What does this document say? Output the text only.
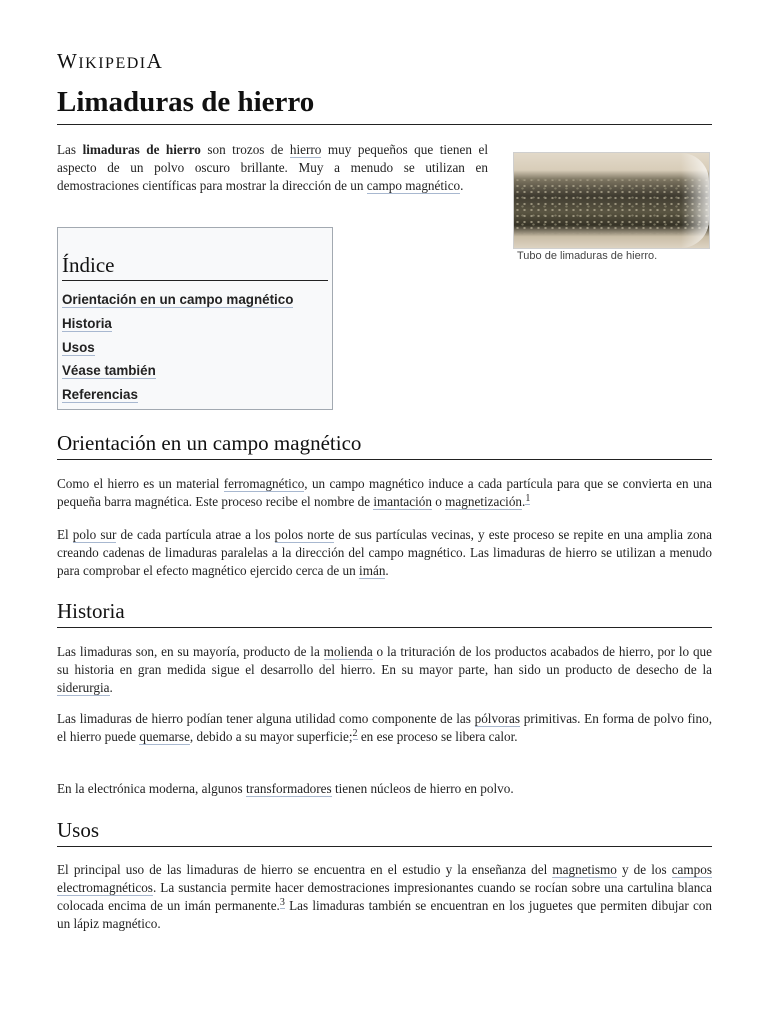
WIKIPEDIA
Limaduras de hierro

Las limaduras de hierro son trozos de hierro muy pequeños que tienen el aspecto de un polvo oscuro brillante. Muy a menudo se utilizan en demostraciones científicas para mostrar la dirección de un campo magnético.

Tubo de limaduras de hierro.
Índice
Orientación en un campo magnético
Historia
Usos
Véase también
Referencias
Orientación en un campo magnético

Como el hierro es un material ferromagnético, un campo magnético induce a cada partícula para que se convierta en una pequeña barra magnética. Este proceso recibe el nombre de imantación o magnetización.$^1$

El polo sur de cada partícula atrae a los polos norte de sus partículas vecinas, y este proceso se repite en una amplia zona creando cadenas de limaduras paralelas a la dirección del campo magnético. Las limaduras de hierro se utilizan a menudo para comprobar el efecto magnético ejercido cerca de un imán.

Historia

Las limaduras son, en su mayoría, producto de la molienda o la trituración de los productos acabados de hierro, por lo que su historia en gran medida sigue el desarrollo del hierro. En su mayor parte, han sido un producto de desecho de la siderurgia.

Las limaduras de hierro podían tener alguna utilidad como componente de las pólvoras primitivas. En forma de polvo fino, el hierro puede quemarse, debido a su mayor superficie;$^2$ en ese proceso se libera calor.

En la electrónica moderna, algunos transformadores tienen núcleos de hierro en polvo.

Usos

El principal uso de las limaduras de hierro se encuentra en el estudio y la enseñanza del magnetismo y de los campos electromagnéticos. La sustancia permite hacer demostraciones impresionantes cuando se rocían sobre una cartulina blanca colocada encima de un imán permanente.$^3$ Las limaduras también se encuentran en los juguetes que permiten dibujar con un lápiz magnético.
